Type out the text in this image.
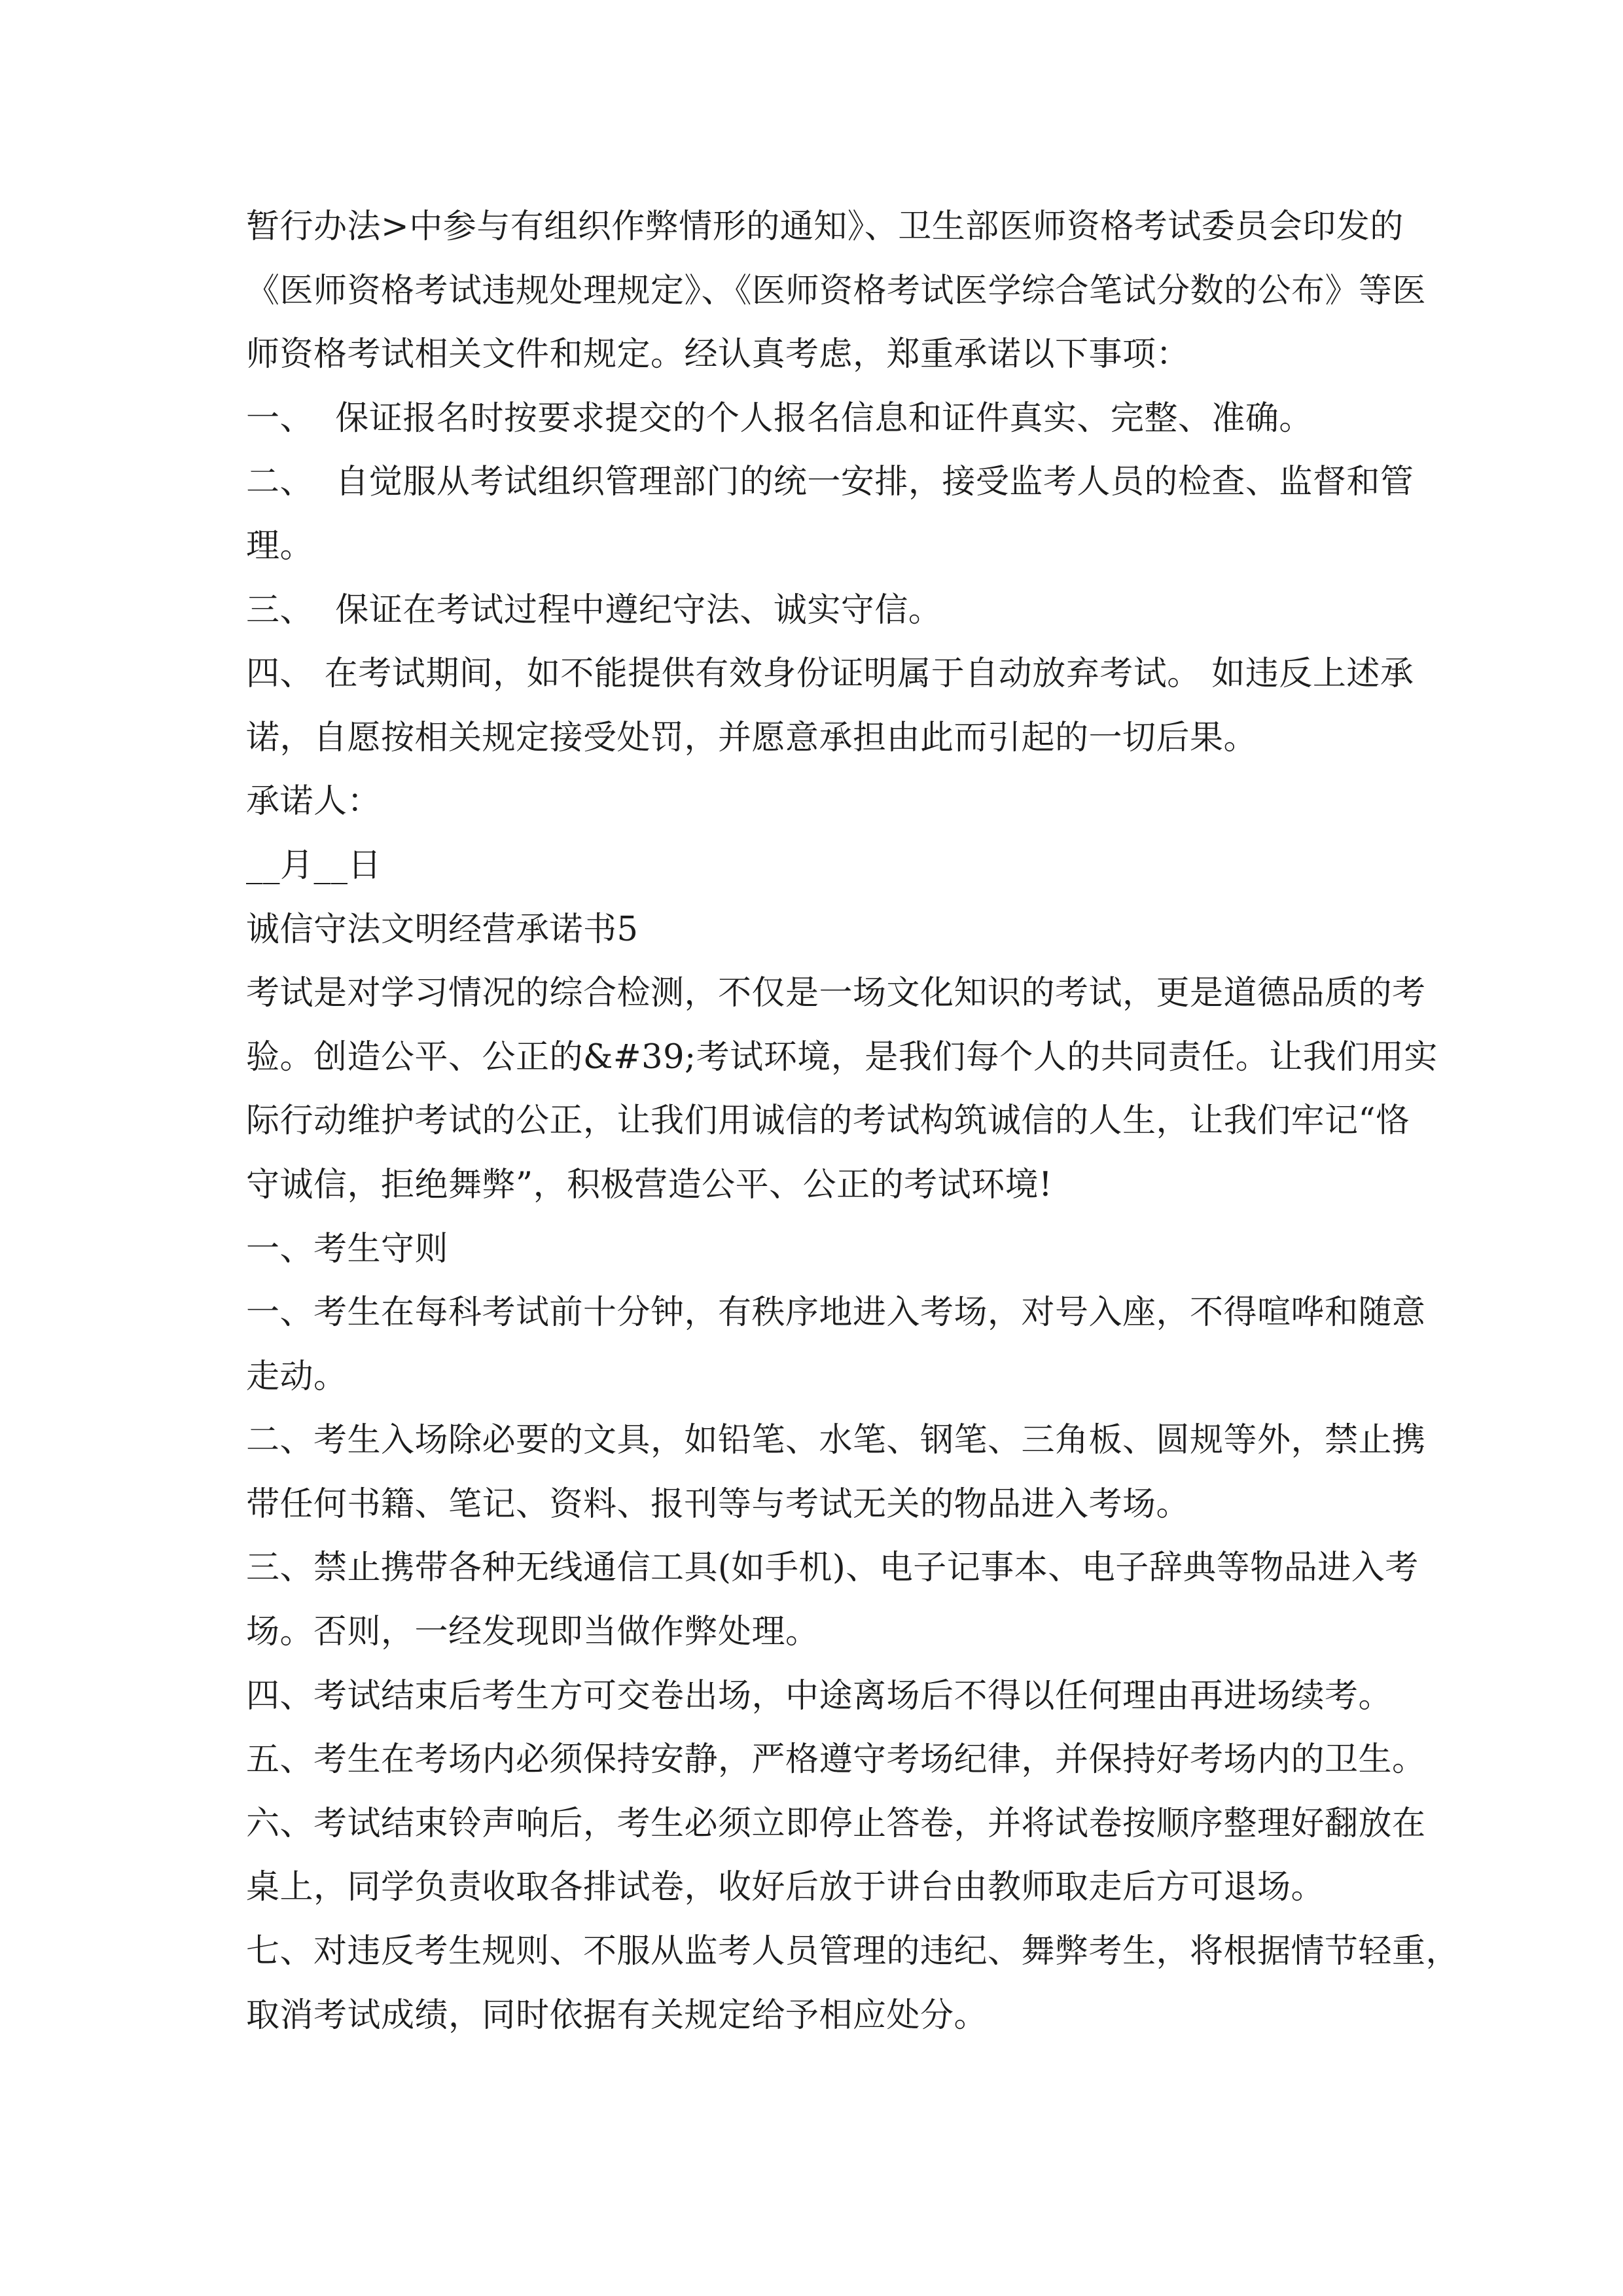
暂行办法>中参与有组织作弊情形的通知》、卫生部医师资格考试委员会印发的
《医师资格考试违规处理规定》、《医师资格考试医学综合笔试分数的公布》等医
师资格考试相关文件和规定。经认真考虑，郑重承诺以下事项：
一、  保证报名时按要求提交的个人报名信息和证件真实、完整、准确。
二、  自觉服从考试组织管理部门的统一安排，接受监考人员的检查、监督和管
理。
三、  保证在考试过程中遵纪守法、诚实守信。
四、 在考试期间，如不能提供有效身份证明属于自动放弃考试。 如违反上述承
诺，自愿按相关规定接受处罚，并愿意承担由此而引起的一切后果。
承诺人：
__月__日
诚信守法文明经营承诺书5
考试是对学习情况的综合检测，不仅是一场文化知识的考试，更是道德品质的考
验。创造公平、公正的&#39;考试环境，是我们每个人的共同责任。让我们用实
际行动维护考试的公正，让我们用诚信的考试构筑诚信的人生，让我们牢记“恪
守诚信，拒绝舞弊”，积极营造公平、公正的考试环境!
一、考生守则
一、考生在每科考试前十分钟，有秩序地进入考场，对号入座，不得喧哗和随意
走动。
二、考生入场除必要的文具，如铅笔、水笔、钢笔、三角板、圆规等外，禁止携
带任何书籍、笔记、资料、报刊等与考试无关的物品进入考场。
三、禁止携带各种无线通信工具(如手机)、电子记事本、电子辞典等物品进入考
场。否则，一经发现即当做作弊处理。
四、考试结束后考生方可交卷出场，中途离场后不得以任何理由再进场续考。
五、考生在考场内必须保持安静，严格遵守考场纪律，并保持好考场内的卫生。
六、考试结束铃声响后，考生必须立即停止答卷，并将试卷按顺序整理好翻放在
桌上，同学负责收取各排试卷，收好后放于讲台由教师取走后方可退场。
七、对违反考生规则、不服从监考人员管理的违纪、舞弊考生，将根据情节轻重，
取消考试成绩，同时依据有关规定给予相应处分。
